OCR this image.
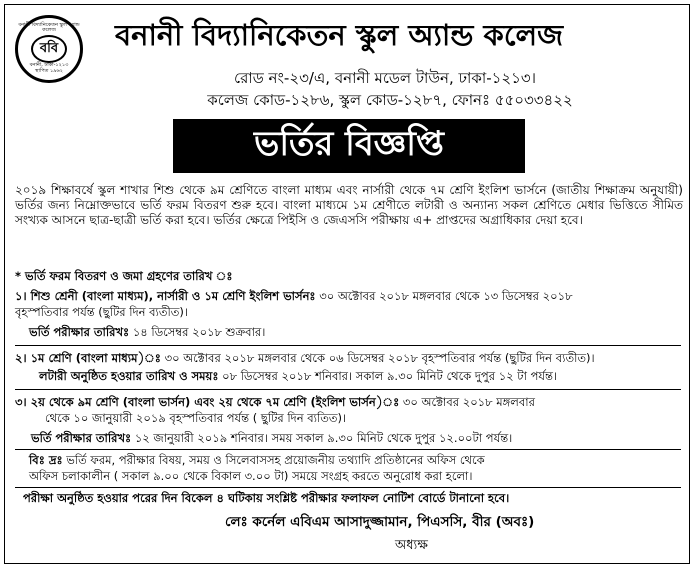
বনানী বিদ্যানিকেতন স্কুল অ্যান্ড কলেজ
ববি
বনানী, ঢাকা-১২১৩
স্থাপিত ১৯৬২
বনানী বিদ্যানিকেতন স্কুল অ্যান্ড কলেজ
রোড নং-২৩/এ, বনানী মডেল টাউন, ঢাকা-১২১৩।
কলেজ কোড-১২৮৬, স্কুল কোড-১২৮৭, ফোনঃ ৫৫০৩৩৪২২
ভর্তির বিজ্ঞপ্তি

২০১৯ শিক্ষাবর্ষে স্কুল শাখার শিশু থেকে ৯ম শ্রেণিতে বাংলা মাধ্যম এবং নার্সারী থেকে ৭ম শ্রেণি ইংলিশ ভার্সনে (জাতীয় শিক্ষাক্রম অনুযায়ী) ভর্তির জন্য নিম্নোক্তভাবে ভর্তি ফরম বিতরণ শুরু হবে। বাংলা মাধ্যমে ১ম শ্রেণীতে লটারী ও অন্যান্য সকল শ্রেণিতে মেধার ভিত্তিতে সীমিত সংখ্যক আসনে ছাত্র-ছাত্রী ভর্তি করা হবে। ভর্তির ক্ষেত্রে পিইসি ও জেএসসি পরীক্ষায় এ+ প্রাপ্তদের অগ্রাধিকার দেয়া হবে।

* ভর্তি ফরম বিতরণ ও জমা গ্রহণের তারিখ ঃ
১। শিশু শ্রেনী (বাংলা মাধ্যম), নার্সারী ও ১ম শ্রেণি ইংলিশ ভার্সনঃ ৩০ অক্টোবর ২০১৮ মঙ্গলবার থেকে ১৩ ডিসেম্বর ২০১৮
বৃহস্পতিবার পর্যন্ত (ছুটির দিন ব্যতীত)।
ভর্তি পরীক্ষার তারিখঃ ১৪ ডিসেম্বর ২০১৮ শুক্রবার।
২। ১ম শ্রেণি (বাংলা মাধ্যম)ঃ ৩০ অক্টোবর ২০১৮ মঙ্গলবার থেকে ০৬ ডিসেম্বর ২০১৮ বৃহস্পতিবার পর্যন্ত (ছুটির দিন ব্যতীত)।
লটারী অনুষ্ঠিত হওয়ার তারিখ ও সময়ঃ ০৮ ডিসেম্বর ২০১৮ শনিবার। সকাল ৯.৩০ মিনিট থেকে দুপুর ১২ টা পর্যন্ত।
৩। ২য় থেকে ৯ম শ্রেণি (বাংলা ভার্সন) এবং ২য় থেকে ৭ম শ্রেণি (ইংলিশ ভার্সন)ঃ ৩০ অক্টোবর ২০১৮ মঙ্গলবার
থেকে ১০ জানুয়ারী ২০১৯ বৃহস্পতিবার পর্যন্ত ( ছুটির দিন ব্যতিত)।
ভর্তি পরীক্ষার তারিখঃ ১২ জানুয়ারী ২০১৯ শনিবার। সময় সকাল ৯.৩০ মিনিট থেকে দুপুর ১২.০০টা পর্যন্ত।
বিঃ দ্রঃ ভর্তি ফরম, পরীক্ষার বিষয়, সময় ও সিলেবাসসহ প্রয়োজনীয় তথ্যাদি প্রতিষ্ঠানের অফিস থেকে
অফিস চলাকালীন ( সকাল ৯.০০ থেকে বিকাল ৩.০০ টা) সময়ে সংগ্রহ করতে অনুরোধ করা হলো।
পরীক্ষা অনুষ্ঠিত হওয়ার পরের দিন বিকেল ৪ ঘটিকায় সংশ্লিষ্ট পরীক্ষার ফলাফল নোটিশ বোর্ডে টানানো হবে।
লেঃ কর্নেল এবিএম আসাদুজ্জামান, পিএসসি, বীর (অবঃ)
অধ্যক্ষ
